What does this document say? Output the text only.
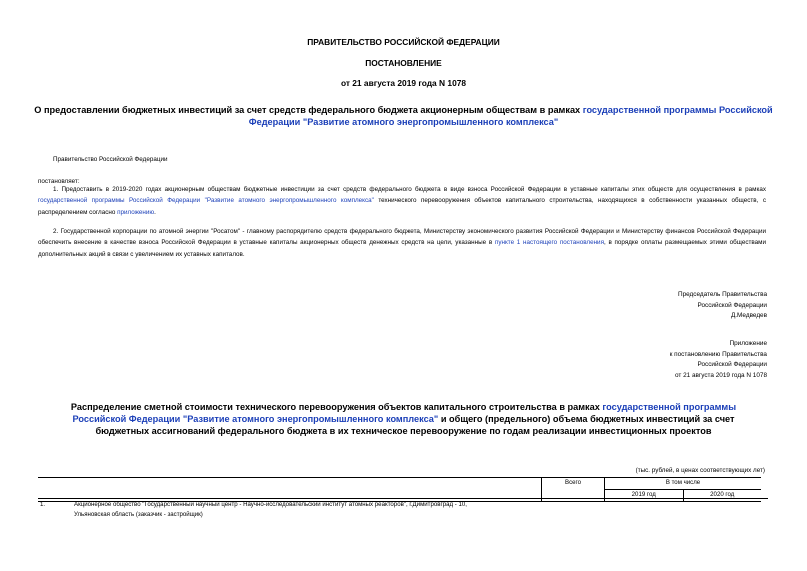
ПРАВИТЕЛЬСТВО РОССИЙСКОЙ ФЕДЕРАЦИИ
ПОСТАНОВЛЕНИЕ
от 21 августа 2019 года N 1078
О предоставлении бюджетных инвестиций за счет средств федерального бюджета акционерным обществам в рамках государственной программы Российской Федерации "Развитие атомного энергопромышленного комплекса"
Правительство Российской Федерации
постановляет:
1. Предоставить в 2019-2020 годах акционерным обществам бюджетные инвестиции за счет средств федерального бюджета в виде взноса Российской Федерации в уставные капиталы этих обществ для осуществления в рамках государственной программы Российской Федерации "Развитие атомного энергопромышленного комплекса" технического перевооружения объектов капитального строительства, находящихся в собственности указанных обществ, с распределением согласно приложению.
2. Государственной корпорации по атомной энергии "Росатом" - главному распорядителю средств федерального бюджета, Министерству экономического развития Российской Федерации и Министерству финансов Российской Федерации обеспечить внесение в качестве взноса Российской Федерации в уставные капиталы акционерных обществ денежных средств на цели, указанные в пункте 1 настоящего постановления, в порядке оплаты размещаемых этими обществами дополнительных акций в связи с увеличением их уставных капиталов.
Председатель Правительства
Российской Федерации
Д.Медведев
Приложение
к постановлению Правительства
Российской Федерации
от 21 августа 2019 года N 1078
Распределение сметной стоимости технического перевооружения объектов капитального строительства в рамках государственной программы Российской Федерации "Развитие атомного энергопромышленного комплекса" и общего (предельного) объема бюджетных инвестиций за счет бюджетных ассигнований федерального бюджета в их техническое перевооружение по годам реализации инвестиционных проектов
(тыс. рублей, в ценах соответствующих лет)
	Всего	В том числе	
		2019 год	2020 год
1.	Акционерное общество "Государственный научный центр - Научно-исследовательский институт атомных реакторов", г.Димитровград - 10,
Ульяновская область (заказчик - застройщик)
